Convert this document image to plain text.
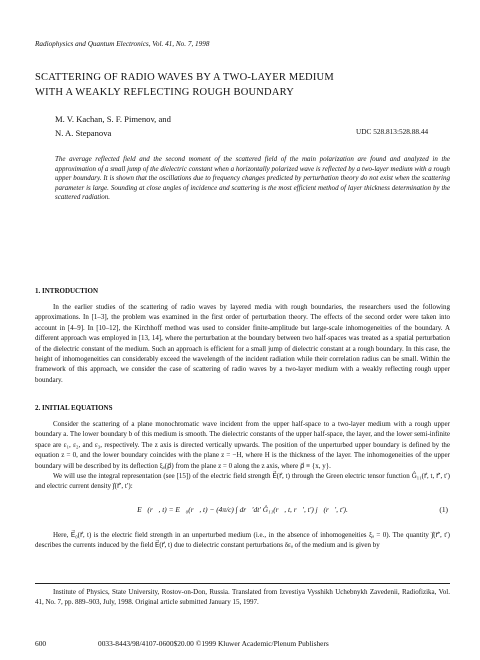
Radiophysics and Quantum Electronics, Vol. 41, No. 7, 1998
SCATTERING OF RADIO WAVES BY A TWO-LAYER MEDIUM
WITH A WEAKLY REFLECTING ROUGH BOUNDARY
M. V. Kachan, S. F. Pimenov, and
N. A. Stepanova	UDC 528.813:528.88.44
The average reflected field and the second moment of the scattered field of the main polarization are found and analyzed in the approximation of a small jump of the dielectric constant when a horizontally polarized wave is reflected by a two-layer medium with a rough upper boundary. It is shown that the oscillations due to frequency changes predicted by perturbation theory do not exist when the scattering parameter is large. Sounding at close angles of incidence and scattering is the most efficient method of layer thickness determination by the scattered radiation.
1. INTRODUCTION
In the earlier studies of the scattering of radio waves by layered media with rough boundaries, the researchers used the following approximations. In [1–3], the problem was examined in the first order of perturbation theory. The effects of the second order were taken into account in [4–9]. In [10–12], the Kirchhoff method was used to consider finite-amplitude but large-scale inhomogeneities of the boundary. A different approach was employed in [13, 14], where the perturbation at the boundary between two half-spaces was treated as a spatial perturbation of the dielectric constant of the medium. Such an approach is efficient for a small jump of dielectric constant at a rough boundary. In this case, the height of inhomogeneities can considerably exceed the wavelength of the incident radiation while their correlation radius can be small. Within the framework of this approach, we consider the case of scattering of radio waves by a two-layer medium with a weakly reflecting rough upper boundary.
2. INITIAL EQUATIONS

Consider the scattering of a plane monochromatic wave incident from the upper half-space to a two-layer medium with a rough upper boundary a. The lower boundary b of this medium is smooth. The dielectric constants of the upper half-space, the layer, and the lower semi-infinite space are ε₁, ε₂, and ε₃, respectively. The z axis is directed vertically upwards. The position of the unperturbed upper boundary is defined by the equation z = 0, and the lower boundary coincides with the plane z = −H, where H is the thickness of the layer. The inhomogeneities of the upper boundary will be described by its deflection ξₐ(ρ⃗) from the plane z = 0 along the z axis, where ρ⃗ ≡ {x, y}.

We will use the integral representation (see [15]) of the electric field strength E⃗(r⃗, t) through the Green electric tensor function Ĝ₁₁(r⃗, t, r⃗′, t′) and electric current density j⃗(r⃗′, t′):

E⃗(r⃗, t) = E⃗₀(r⃗, t) − (4π/c) ∫ dr⃗′dt′ Ĝ₁₁(r⃗, t, r⃗′, t′) j⃗(r⃗′, t′).	(1)
Here, E⃗₀(r⃗, t) is the electric field strength in an unperturbed medium (i.e., in the absence of inhomogeneities ξₐ = 0). The quantity j⃗(r⃗′, t′) describes the currents induced by the field E⃗(r⃗, t) due to dielectric constant perturbations δεₐ of the medium and is given by
Institute of Physics, State University, Rostov-on-Don, Russia. Translated from Izvestiya Vysshikh Uchebnykh Zavedenii, Radiofizika, Vol. 41, No. 7, pp. 889–903, July, 1998. Original article submitted January 15, 1997.
600	0033-8443/98/4107-0600$20.00 ©1999 Kluwer Academic/Plenum Publishers
